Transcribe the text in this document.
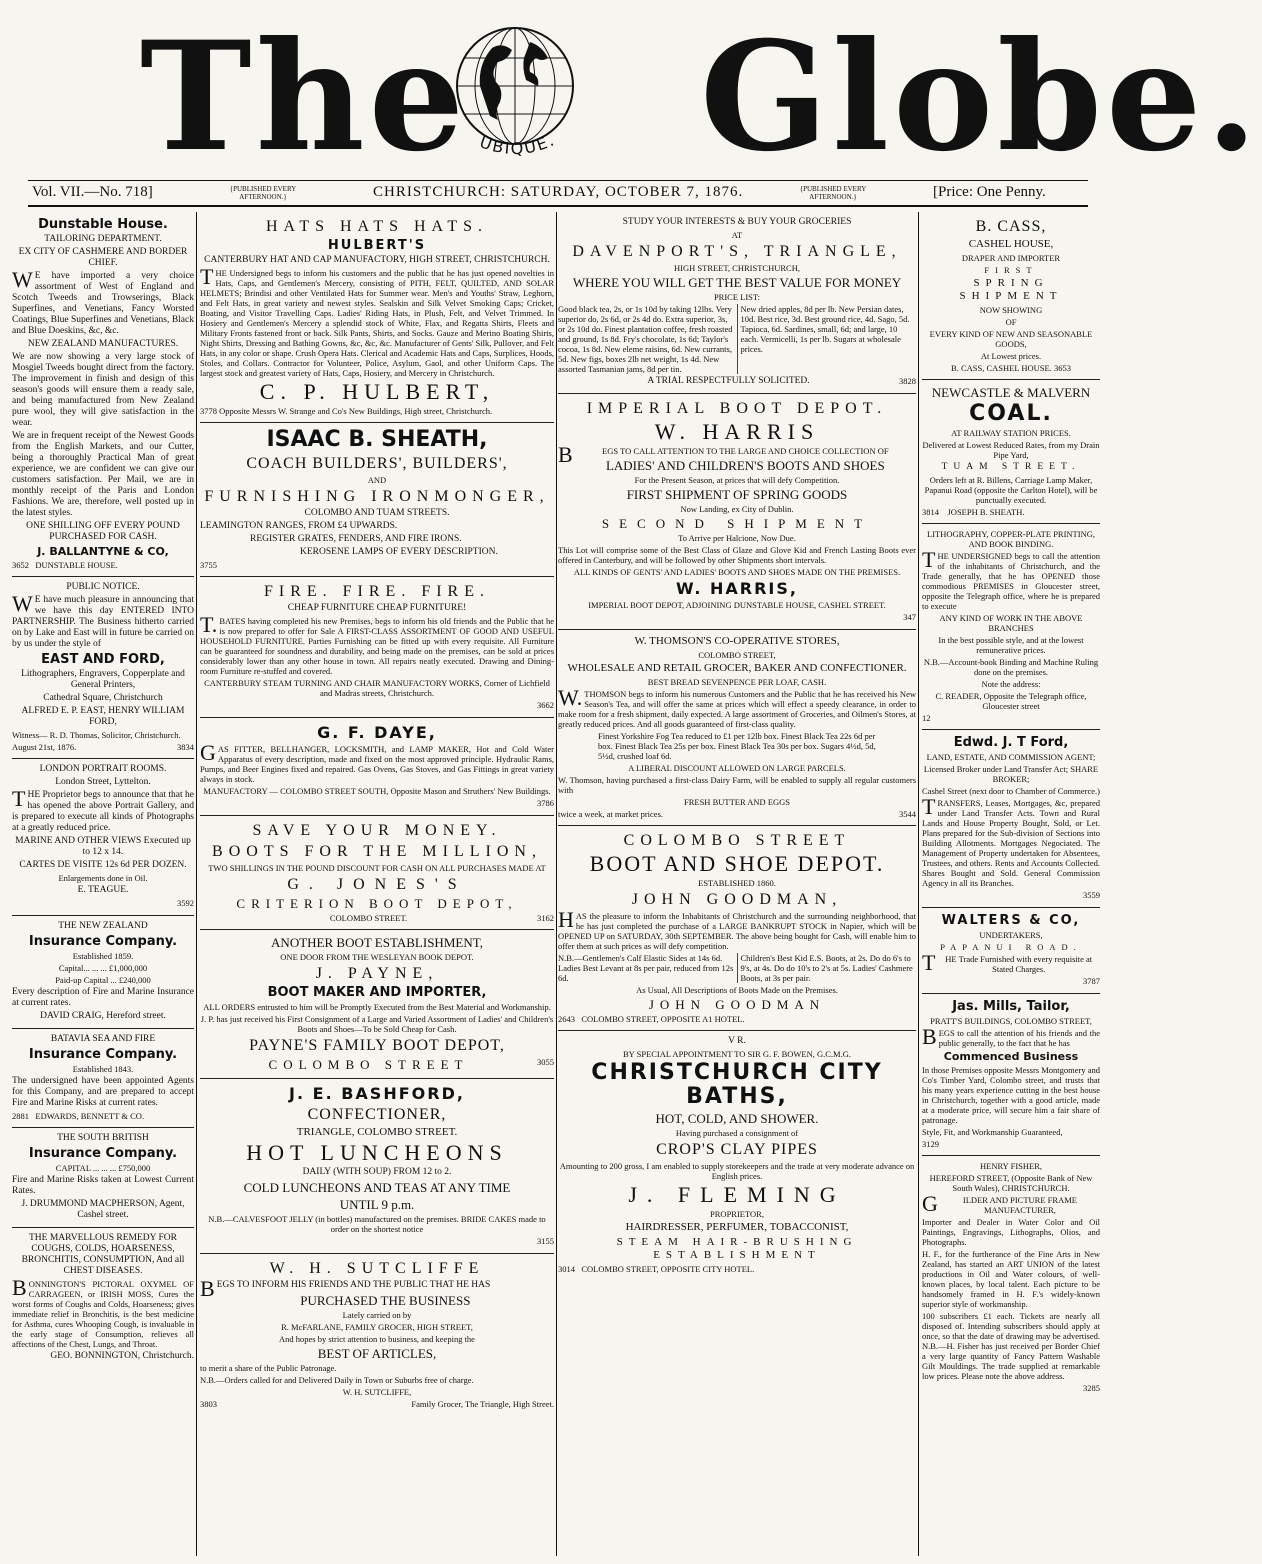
The UBIQUE. Globe.
Vol. VII.—No. 718]	{PUBLISHED EVERY AFTERNOON.}	CHRISTCHURCH: SATURDAY, OCTOBER 7, 1876.	{PUBLISHED EVERY AFTERNOON.}	[Price: One Penny.

Dunstable House.

TAILORING DEPARTMENT.

EX CITY OF CASHMERE AND BORDER CHIEF.

WE have imported a very choice assortment of West of England and Scotch Tweeds and Trowserings, Black Superfines, and Venetians, Fancy Worsted Coatings, Blue Superfines and Venetians, Black and Blue Doeskins, &c, &c.

NEW ZEALAND MANUFACTURES.

We are now showing a very large stock of Mosgiel Tweeds bought direct from the factory. The improvement in finish and design of this season's goods will ensure them a ready sale, and being manufactured from New Zealand pure wool, they will give satisfaction in the wear.

We are in frequent receipt of the Newest Goods from the English Markets, and our Cutter, being a thoroughly Practical Man of great experience, we are confident we can give our customers satisfaction. Per Mail, we are in monthly receipt of the Paris and London Fashions. We are, therefore, well posted up in the latest styles.

ONE SHILLING OFF EVERY POUND PURCHASED FOR CASH.

J. BALLANTYNE & CO,

3652 DUNSTABLE HOUSE.

PUBLIC NOTICE.

WE have much pleasure in announcing that we have this day ENTERED INTO PARTNERSHIP. The Business hitherto carried on by Lake and East will in future be carried on by us under the style of

EAST AND FORD,

Lithographers, Engravers, Copperplate and General Printers,

Cathedral Square, Christchurch

ALFRED E. P. EAST, HENRY WILLIAM FORD,

Witness— R. D. Thomas, Solicitor, Christchurch.

August 21st, 1876.	3834

LONDON PORTRAIT ROOMS.

London Street, Lyttelton.

THE Proprietor begs to announce that that he has opened the above Portrait Gallery, and is prepared to execute all kinds of Photographs at a greatly reduced price.

MARINE AND OTHER VIEWS Executed up to 12 x 14.

CARTES DE VISITE 12s 6d PER DOZEN.

Enlargements done in Oil.

E. TEAGUE.

3592

THE NEW ZEALAND

Insurance Company.

Established 1859.

Capital... ... ... £1,000,000

Paid-up Capital ... £240,000

Every description of Fire and Marine Insurance at current rates.

DAVID CRAIG, Hereford street.

BATAVIA SEA AND FIRE

Insurance Company.

Established 1843.

The undersigned have been appointed Agents for this Company, and are prepared to accept Fire and Marine Risks at current rates.

2881 EDWARDS, BENNETT & CO.

THE SOUTH BRITISH

Insurance Company.

CAPITAL ... ... ... £750,000

Fire and Marine Risks taken at Lowest Current Rates.

J. DRUMMOND MACPHERSON, Agent, Cashel street.

THE MARVELLOUS REMEDY FOR COUGHS, COLDS, HOARSENESS, BRONCHITIS, CONSUMPTION, And all CHEST DISEASES.

BONNINGTON'S PICTORAL OXYMEL OF CARRAGEEN, or IRISH MOSS, Cures the worst forms of Coughs and Colds, Hoarseness; gives immediate relief in Bronchitis, is the best medicine for Asthma, cures Whooping Cough, is invaluable in the early stage of Consumption, relieves all affections of the Chest, Lungs, and Throat.

GEO. BONNINGTON, Christchurch.

HATS HATS HATS.

HULBERT'S

CANTERBURY HAT AND CAP MANUFACTORY, HIGH STREET, CHRISTCHURCH.

THE Undersigned begs to inform his customers and the public that he has just opened novelties in Hats, Caps, and Gentlemen's Mercery, consisting of PITH, FELT, QUILTED, AND SOLAR HELMETS; Brindisi and other Ventilated Hats for Summer wear. Men's and Youths' Straw, Leghorn, and Felt Hats, in great variety and newest styles. Sealskin and Silk Velvet Smoking Caps; Cricket, Boating, and Visitor Travelling Caps. Ladies' Riding Hats, in Plush, Felt, and Velvet Trimmed. In Hosiery and Gentlemen's Mercery a splendid stock of White, Flax, and Regatta Shirts, Fleets and Military Fronts fastened front or back. Silk Pants, Shirts, and Socks. Gauze and Merino Boating Shirts, Night Shirts, Dressing and Bathing Gowns, &c, &c, &c. Manufacturer of Gents' Silk, Pullover, and Felt Hats, in any color or shape. Crush Opera Hats. Clerical and Academic Hats and Caps, Surplices, Hoods, Stoles, and Collars. Contractor for Volunteer, Police, Asylum, Gaol, and other Uniform Caps. The largest stock and greatest variety of Hats, Caps, Hosiery, and Mercery in Christchurch.

C. P. HULBERT,

3778 Opposite Messrs W. Strange and Co's New Buildings, High street, Christchurch.

ISAAC B. SHEATH,

COACH BUILDERS', BUILDERS',

AND

FURNISHING IRONMONGER,

COLOMBO AND TUAM STREETS.

LEAMINGTON RANGES, FROM £4 UPWARDS.

REGISTER GRATES, FENDERS, AND FIRE IRONS.

KEROSENE LAMPS OF EVERY DESCRIPTION.

3755

FIRE. FIRE. FIRE.

CHEAP FURNITURE CHEAP FURNITURE!

T.BATES having completed his new Premises, begs to inform his old friends and the Public that he is now prepared to offer for Sale A FIRST-CLASS ASSORTMENT OF GOOD AND USEFUL HOUSEHOLD FURNITURE. Parties Furnishing can be fitted up with every requisite. All Furniture can be guaranteed for soundness and durability, and being made on the premises, can be sold at prices considerably lower than any other house in town. All repairs neatly executed. Drawing and Dining-room Furniture re-stuffed and covered.

CANTERBURY STEAM TURNING AND CHAIR MANUFACTORY WORKS, Corner of Lichfield and Madras streets, Christchurch.

3662

G. F. DAYE,

GAS FITTER, BELLHANGER, LOCKSMITH, and LAMP MAKER, Hot and Cold Water Apparatus of every description, made and fixed on the most approved principle. Hydraulic Rams, Pumps, and Beer Engines fixed and repaired. Gas Ovens, Gas Stoves, and Gas Fittings in great variety always in stock.

MANUFACTORY — COLOMBO STREET SOUTH, Opposite Mason and Struthers' New Buildings.

3786

SAVE YOUR MONEY.

BOOTS FOR THE MILLION,

TWO SHILLINGS IN THE POUND DISCOUNT FOR CASH ON ALL PURCHASES MADE AT

G. JONES'S

CRITERION BOOT DEPOT,

COLOMBO STREET.	3162

ANOTHER BOOT ESTABLISHMENT,

ONE DOOR FROM THE WESLEYAN BOOK DEPOT.

J. PAYNE,

BOOT MAKER AND IMPORTER,

ALL ORDERS entrusted to him will be Promptly Executed from the Best Material and Workmanship.

J. P. has just received his First Consignment of a Large and Varied Assortment of Ladies' and Children's Boots and Shoes—To be Sold Cheap for Cash.

PAYNE'S FAMILY BOOT DEPOT,

COLOMBO STREET	3055

J. E. BASHFORD,

CONFECTIONER,

TRIANGLE, COLOMBO STREET.

HOT LUNCHEONS

DAILY (WITH SOUP) FROM 12 to 2.

COLD LUNCHEONS AND TEAS AT ANY TIME

UNTIL 9 p.m.

N.B.—CALVESFOOT JELLY (in bottles) manufactured on the premises. BRIDE CAKES made to order on the shortest notice

3155

W. H. SUTCLIFFE

BEGS TO INFORM HIS FRIENDS AND THE PUBLIC THAT HE HAS

PURCHASED THE BUSINESS

Lately carried on by

R. McFARLANE, FAMILY GROCER, HIGH STREET,

And hopes by strict attention to business, and keeping the

BEST OF ARTICLES,

to merit a share of the Public Patronage.

N.B.—Orders called for and Delivered Daily in Town or Suburbs free of charge.

W. H. SUTCLIFFE,

3803	Family Grocer, The Triangle, High Street.

STUDY YOUR INTERESTS & BUY YOUR GROCERIES

AT

DAVENPORT'S, TRIANGLE,

HIGH STREET, CHRISTCHURCH,

WHERE YOU WILL GET THE BEST VALUE FOR MONEY

PRICE LIST:

Good black tea, 2s, or 1s 10d by taking 12lbs. Very superior do, 2s 6d, or 2s 4d do. Extra superior, 3s, or 2s 10d do. Finest plantation coffee, fresh roasted and ground, 1s 8d. Fry's chocolate, 1s 6d; Taylor's cocoa, 1s 8d. New eleme raisins, 6d. New currants, 5d. New figs, boxes 2lb net weight, 1s 4d. New assorted Tasmanian jams, 8d per tin.
New dried apples, 8d per lb. New Persian dates, 10d. Best rice, 3d. Best ground rice, 4d. Sago, 5d. Tapioca, 6d. Sardines, small, 6d; and large, 10 each. Vermicelli, 1s per lb. Sugars at wholesale prices.

A TRIAL RESPECTFULLY SOLICITED.	3828

IMPERIAL BOOT DEPOT.

W. HARRIS

BEGS TO CALL ATTENTION TO THE LARGE AND CHOICE COLLECTION OF

LADIES' AND CHILDREN'S BOOTS AND SHOES

For the Present Season, at prices that will defy Competition.

FIRST SHIPMENT OF SPRING GOODS

Now Landing, ex City of Dublin.

SECOND SHIPMENT

To Arrive per Halcione, Now Due.

This Lot will comprise some of the Best Class of Glaze and Glove Kid and French Lasting Boots ever offered in Canterbury, and will be followed by other Shipments short intervals.

ALL KINDS OF GENTS' AND LADIES' BOOTS AND SHOES MADE ON THE PREMISES.

W. HARRIS,

IMPERIAL BOOT DEPOT, ADJOINING DUNSTABLE HOUSE, CASHEL STREET.

347

W. THOMSON'S CO-OPERATIVE STORES,

COLOMBO STREET,

WHOLESALE AND RETAIL GROCER, BAKER AND CONFECTIONER.

BEST BREAD SEVENPENCE PER LOAF, CASH.

W.THOMSON begs to inform his numerous Customers and the Public that he has received his New Season's Tea, and will offer the same at prices which will effect a speedy clearance, in order to make room for a fresh shipment, daily expected. A large assortment of Groceries, and Oilmen's Stores, at greatly reduced prices. And all goods guaranteed of first-class quality.

Finest Yorkshire Fog Tea reduced to £1 per 12lb box. Finest Black Tea 22s 6d per box. Finest Black Tea 25s per box. Finest Black Tea 30s per box. Sugars 4½d, 5d, 5½d, crushed loaf 6d.

A LIBERAL DISCOUNT ALLOWED ON LARGE PARCELS.

W. Thomson, having purchased a first-class Dairy Farm, will be enabled to supply all regular customers with

FRESH BUTTER AND EGGS

twice a week, at market prices.	3544

COLOMBO STREET

BOOT AND SHOE DEPOT.

ESTABLISHED 1860.

JOHN GOODMAN,

HAS the pleasure to inform the Inhabitants of Christchurch and the surrounding neighborhood, that he has just completed the purchase of a LARGE BANKRUPT STOCK in Napier, which will be OPENED UP on SATURDAY, 30th SEPTEMBER. The above being bought for Cash, will enable him to offer them at such prices as will defy competition.

N.B.—Gentlemen's Calf Elastic Sides at 14s 6d. Ladies Best Levant at 8s per pair, reduced from 12s 6d.
Children's Best Kid E.S. Boots, at 2s. Do do 6's to 9's, at 4s. Do do 10's to 2's at 5s. Ladies' Cashmere Boots, at 3s per pair.

As Usual, All Descriptions of Boots Made on the Premises.

JOHN GOODMAN

2643 COLOMBO STREET, OPPOSITE A1 HOTEL.

V R.

BY SPECIAL APPOINTMENT TO SIR G. F. BOWEN, G.C.M.G.

CHRISTCHURCH CITY BATHS,

HOT, COLD, AND SHOWER.

Having purchased a consignment of

CROP'S CLAY PIPES

Amounting to 200 gross, I am enabled to supply storekeepers and the trade at very moderate advance on English prices.

J. FLEMING

PROPRIETOR,

HAIRDRESSER, PERFUMER, TOBACCONIST,

STEAM HAIR-BRUSHING ESTABLISHMENT

3014 COLOMBO STREET, OPPOSITE CITY HOTEL.

B. CASS,

CASHEL HOUSE,

DRAPER AND IMPORTER

FIRST

SPRING SHIPMENT

NOW SHOWING

OF

EVERY KIND OF NEW AND SEASONABLE GOODS,

At Lowest prices.

B. CASS, CASHEL HOUSE. 3653

NEWCASTLE & MALVERN

COAL.

AT RAILWAY STATION PRICES.

Delivered at Lowest Reduced Rates, from my Drain Pipe Yard,

TUAM STREET.

Orders left at R. Billens, Carriage Lamp Maker, Papanui Road (opposite the Carlton Hotel), will be punctually executed.

3814 JOSEPH B. SHEATH.

LITHOGRAPHY, COPPER-PLATE PRINTING, AND BOOK BINDING.

THE UNDERSIGNED begs to call the attention of the inhabitants of Christchurch, and the Trade generally, that he has OPENED those commodious PREMISES in Gloucester street, opposite the Telegraph office, where he is prepared to execute

ANY KIND OF WORK IN THE ABOVE BRANCHES

In the best possible style, and at the lowest remunerative prices.

N.B.—Account-book Binding and Machine Ruling done on the premises.

Note the address:

C. READER, Opposite the Telegraph office, Gloucester street

12

Edwd. J. T Ford,

LAND, ESTATE, AND COMMISSION AGENT;

Licensed Broker under Land Transfer Act; SHARE BROKER;

Cashel Street (next door to Chamber of Commerce.)

TRANSFERS, Leases, Mortgages, &c, prepared under Land Transfer Acts. Town and Rural Lands and House Property Bought, Sold, or Let. Plans prepared for the Sub-division of Sections into Building Allotments. Mortgages Negociated. The Management of Property undertaken for Absentees, Trustees, and others. Rents and Accounts Collected. Shares Bought and Sold. General Commission Agency in all its Branches.

3559

WALTERS & CO,

UNDERTAKERS,

PAPANUI ROAD.

THE Trade Furnished with every requisite at Stated Charges.

3787

Jas. Mills, Tailor,

PRATT'S BUILDINGS, COLOMBO STREET,

BEGS to call the attention of his friends and the public generally, to the fact that he has

Commenced Business

In those Premises opposite Messrs Montgomery and Co's Timber Yard, Colombo street, and trusts that his many years experience cutting in the best house in Christchurch, together with a good article, made at a moderate price, will secure him a fair share of patronage.

Style, Fit, and Workmanship Guaranteed,

3129

HENRY FISHER,

HEREFORD STREET, (Opposite Bank of New South Wales), CHRISTCHURCH.

GILDER AND PICTURE FRAME MANUFACTURER,

Importer and Dealer in Water Color and Oil Paintings, Engravings, Lithographs, Olios, and Photographs.

H. F., for the furtherance of the Fine Arts in New Zealand, has started an ART UNION of the latest productions in Oil and Water colours, of well-known places, by local talent. Each picture to be handsomely framed in H. F.'s widely-known superior style of workmanship.

100 subscribers £1 each. Tickets are nearly all disposed of. Intending subscribers should apply at once, so that the date of drawing may be advertised. N.B.—H. Fisher has just received per Border Chief a very large quantity of Fancy Pattern Washable Gilt Mouldings. The trade supplied at remarkable low prices. Please note the above address.

3285
